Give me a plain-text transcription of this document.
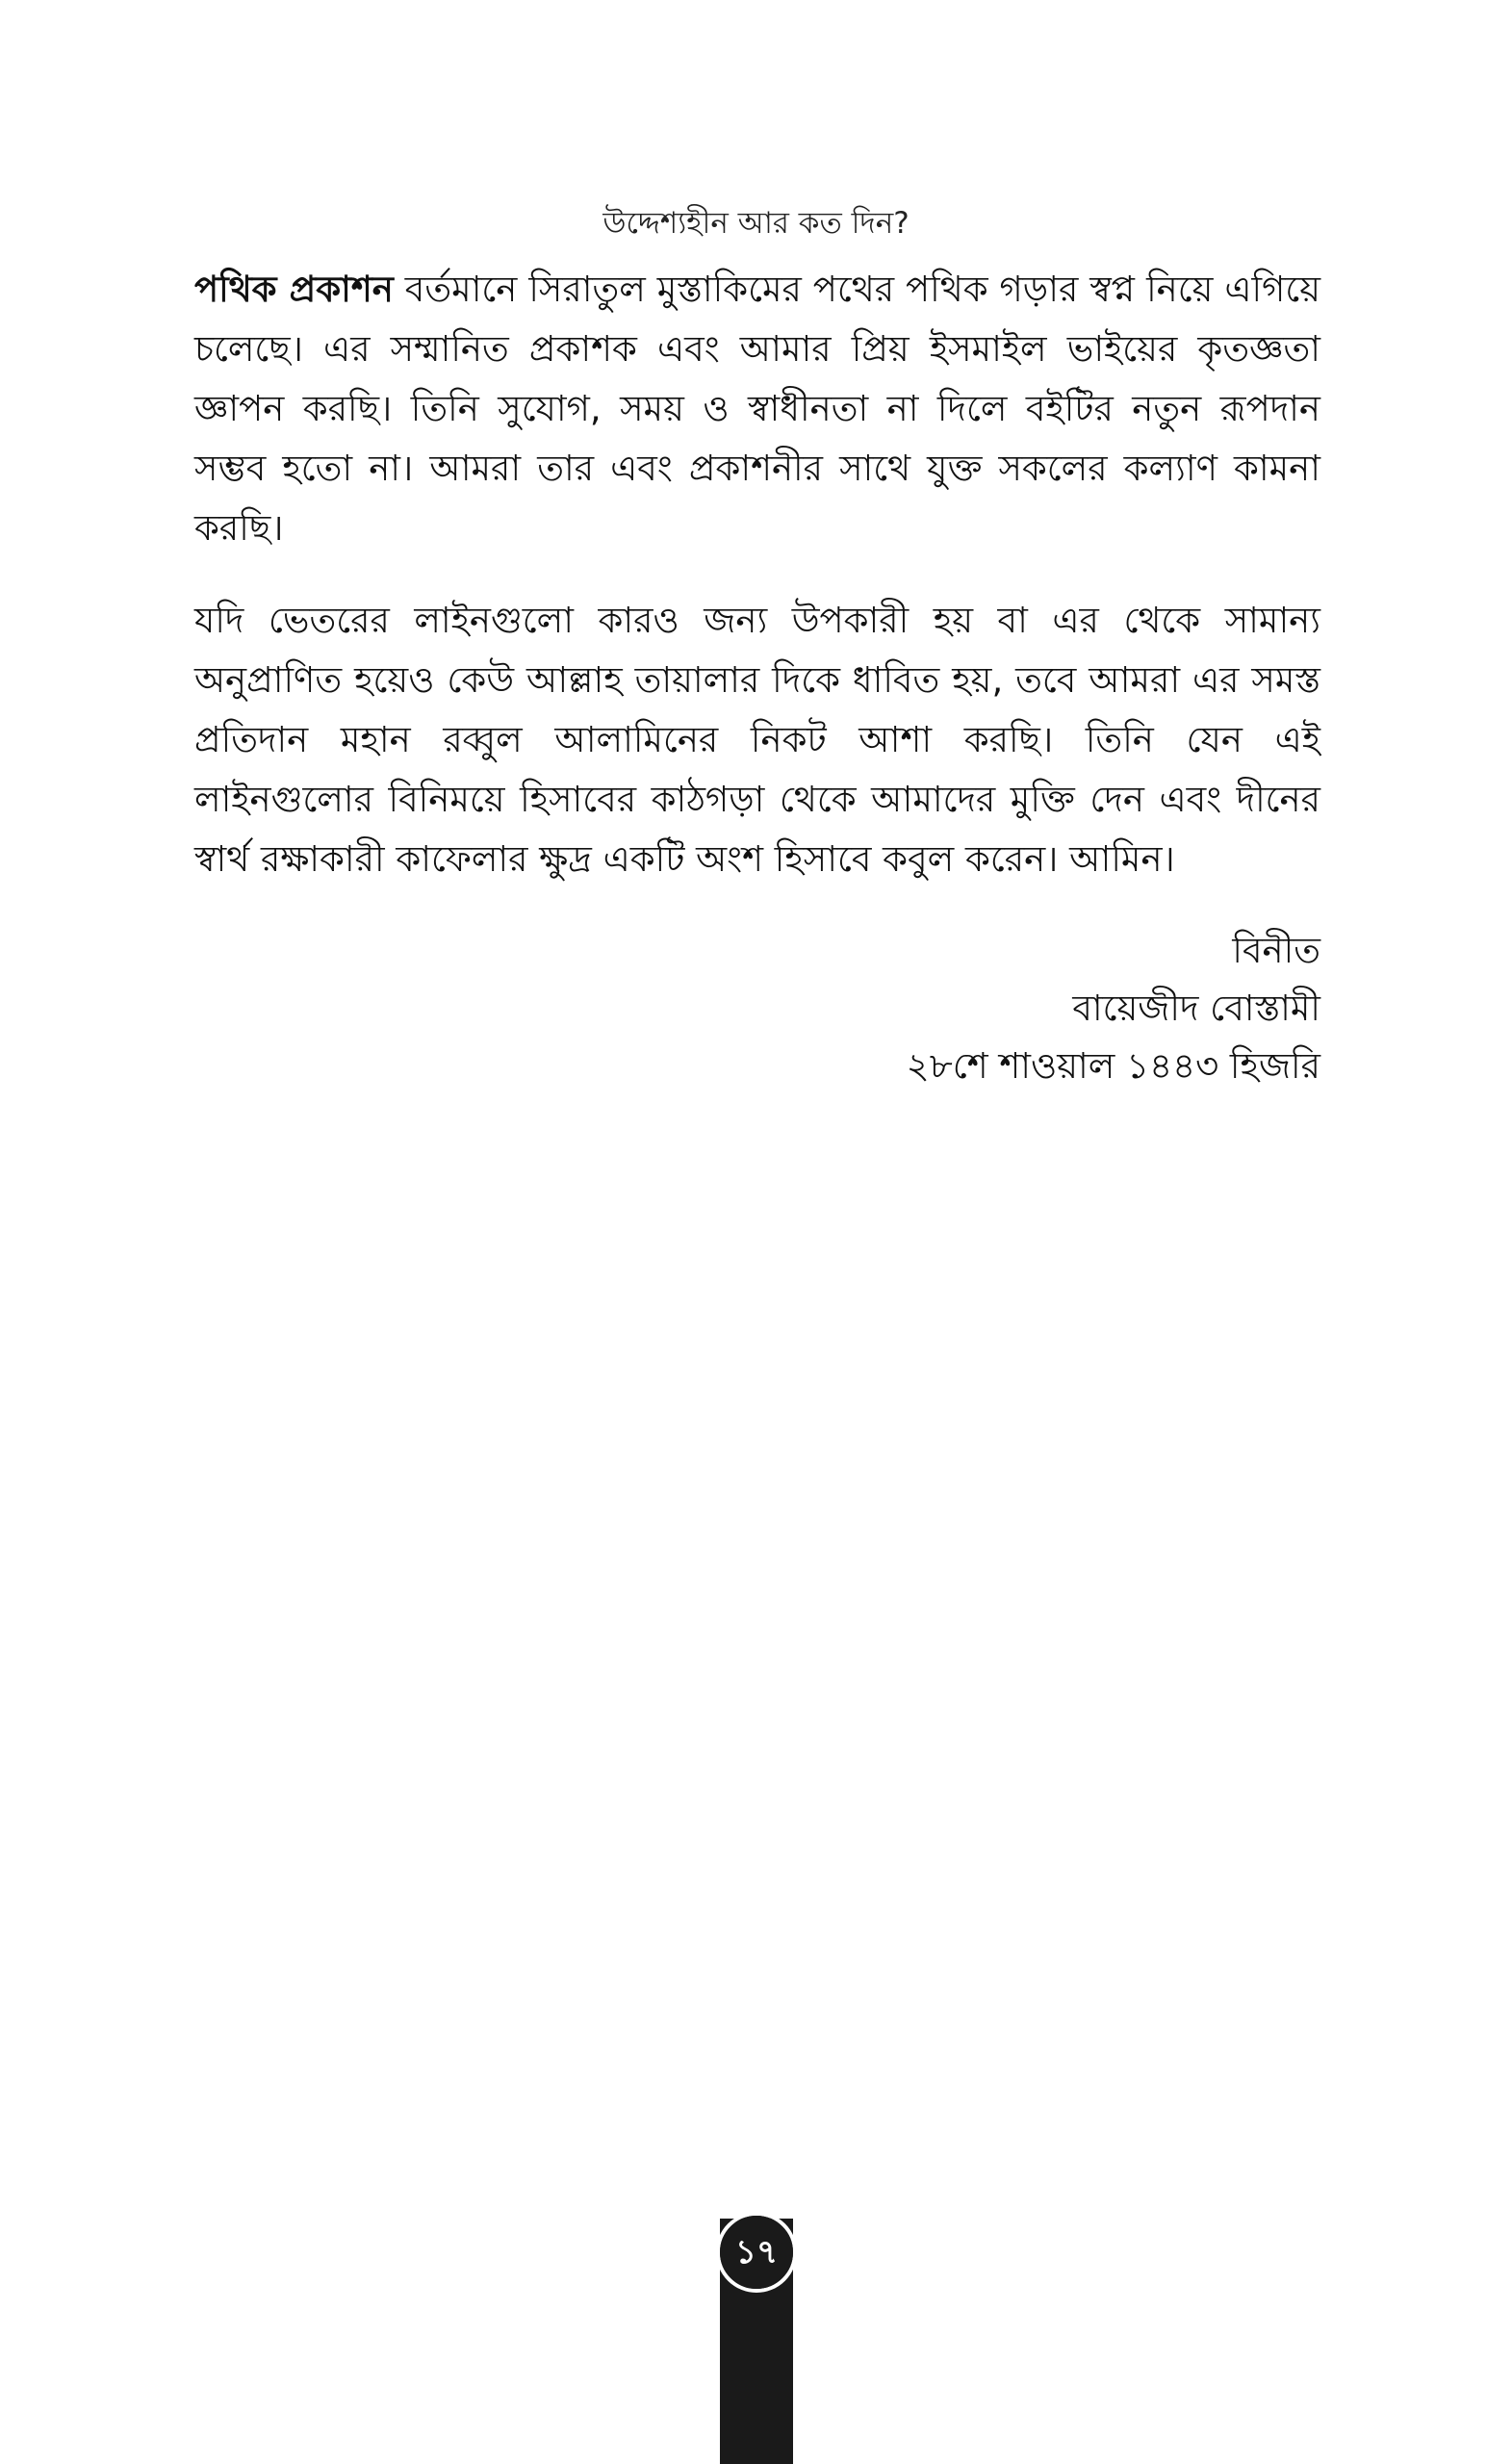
উদ্দেশ্যহীন আর কত দিন?

পথিক প্রকাশন বর্তমানে সিরাতুল মুস্তাকিমের পথের পথিক গড়ার স্বপ্ন নিয়ে এগিয়ে চলেছে। এর সম্মানিত প্রকাশক এবং আমার প্রিয় ইসমাইল ভাইয়ের কৃতজ্ঞতা জ্ঞাপন করছি। তিনি সুযোগ, সময় ও স্বাধীনতা না দিলে বইটির নতুন রূপদান সম্ভব হতো না। আমরা তার এবং প্রকাশনীর সাথে যুক্ত সকলের কল্যাণ কামনা করছি।

যদি ভেতরের লাইনগুলো কারও জন্য উপকারী হয় বা এর থেকে সামান্য অনুপ্রাণিত হয়েও কেউ আল্লাহ তায়ালার দিকে ধাবিত হয়, তবে আমরা এর সমস্ত প্রতিদান মহান রব্বুল আলামিনের নিকট আশা করছি। তিনি যেন এই লাইনগুলোর বিনিময়ে হিসাবের কাঠগড়া থেকে আমাদের মুক্তি দেন এবং দীনের স্বার্থ রক্ষাকারী কাফেলার ক্ষুদ্র একটি অংশ হিসাবে কবুল করেন। আমিন।

বিনীত
বায়েজীদ বোস্তামী
২৮শে শাওয়াল ১৪৪৩ হিজরি
১৭
